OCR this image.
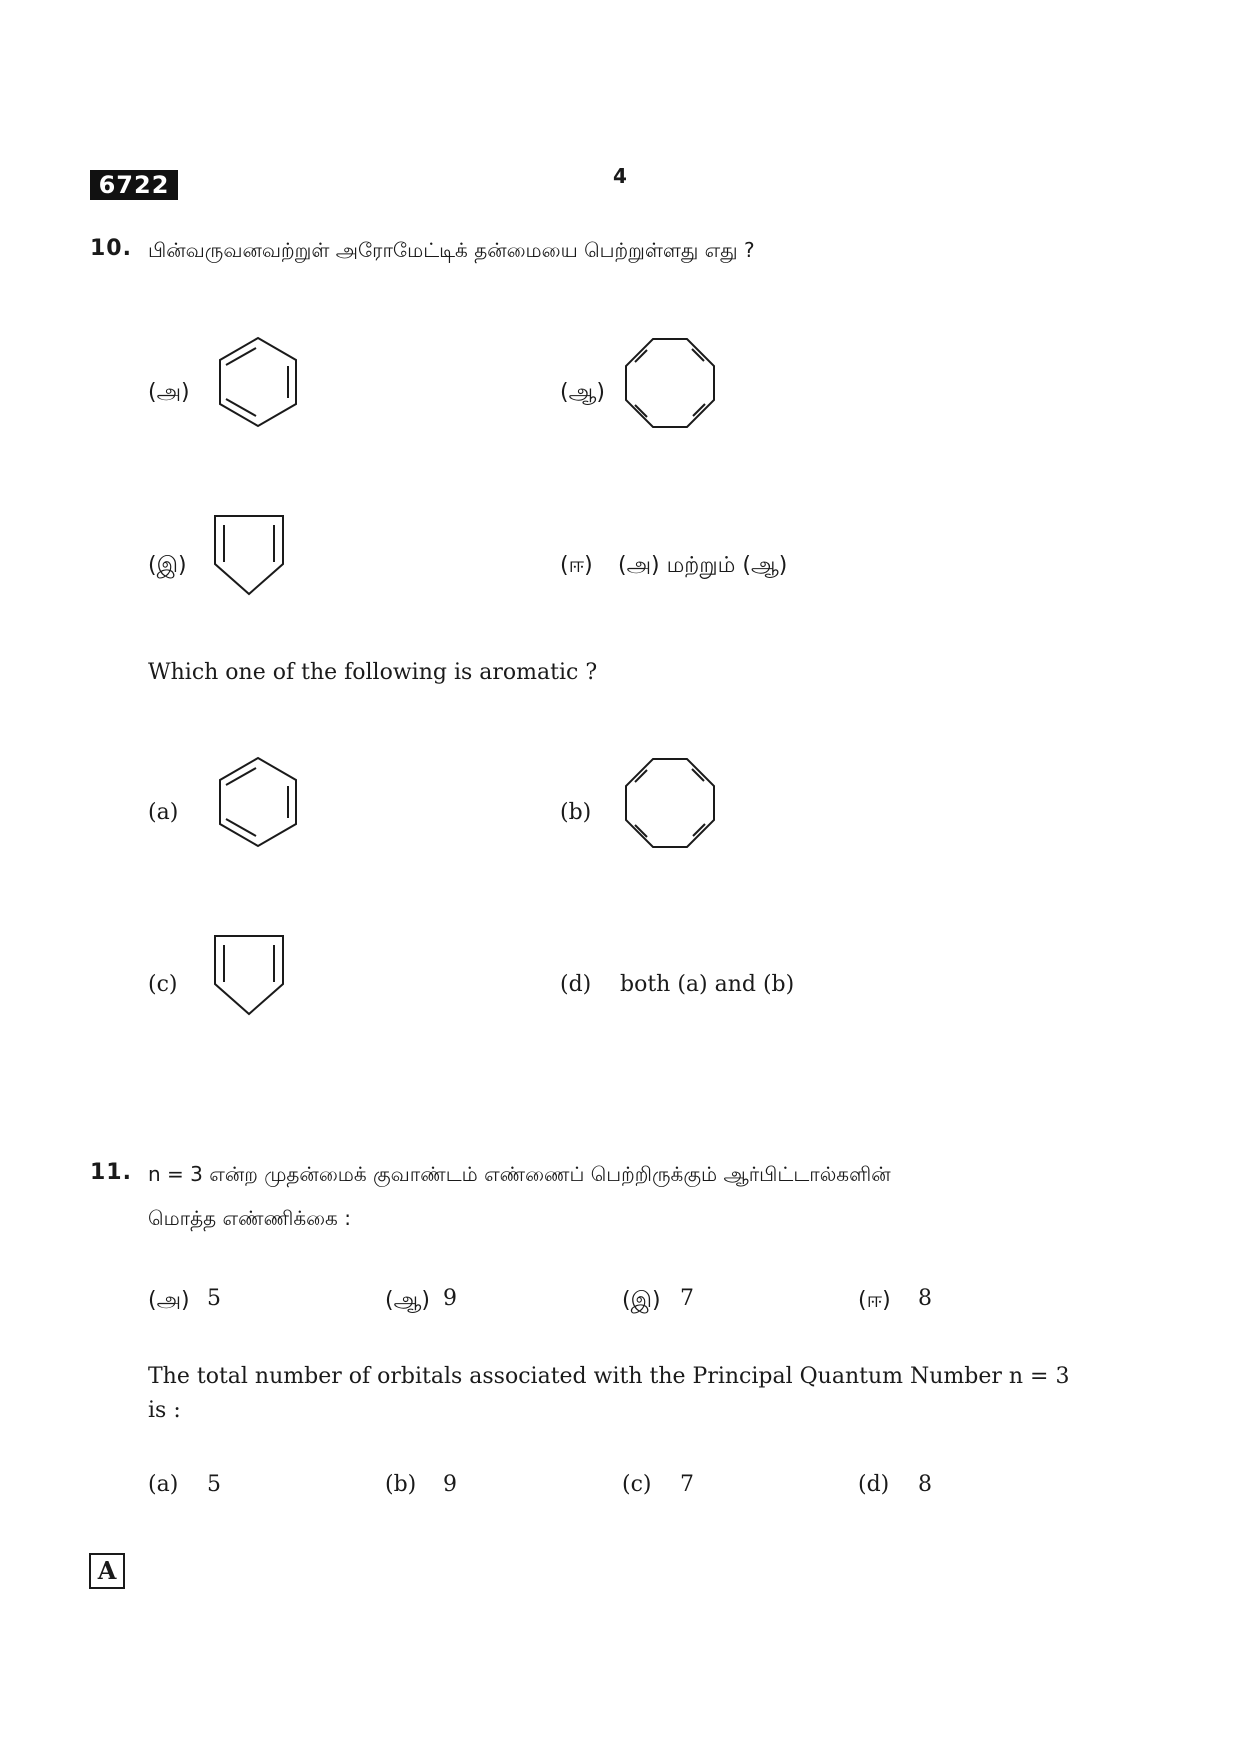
6722	4
10. பின்வருவனவற்றுள் அரோமேட்டிக் தன்மையை பெற்றுள்ளது எது ?
(அ)	(ஆ)
(இ)	(ஈ) (அ) மற்றும் (ஆ)
Which one of the following is aromatic ?
(a)	(b)
(c)	(d) both (a) and (b)
11. n = 3 என்ற முதன்மைக் குவாண்டம் எண்ணைப் பெற்றிருக்கும் ஆர்பிட்டால்களின்
மொத்த எண்ணிக்கை :
(அ) 5	(ஆ) 9	(இ) 7	(ஈ) 8
The total number of orbitals associated with the Principal Quantum Number n = 3
is :
(a) 5	(b) 9	(c) 7	(d) 8
A
